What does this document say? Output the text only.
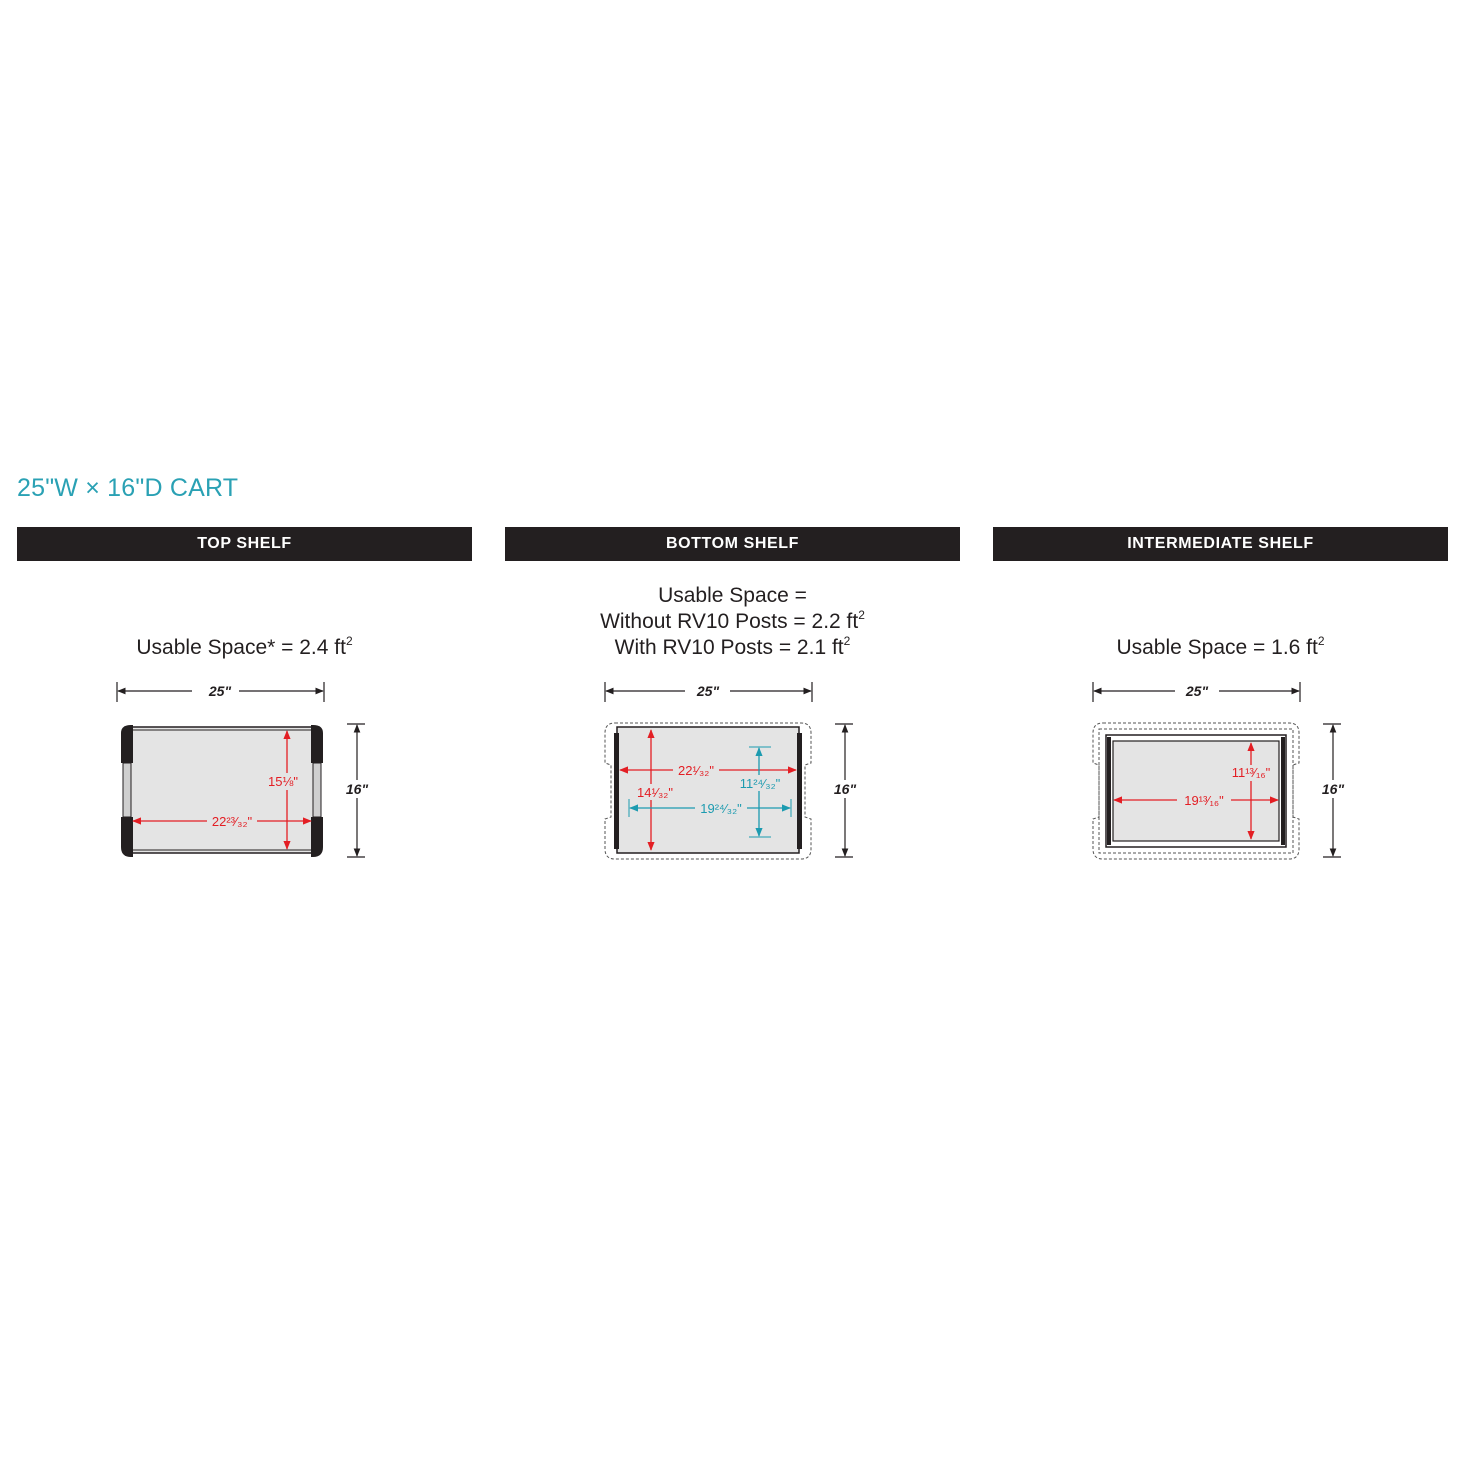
25"W × 16"D CART
TOP SHELF
Usable Space* = 2.4 $ft^2$
25"
16"
15⅛"
22²³⁄₃₂"
BOTTOM SHELF
Usable Space =
Without RV10 Posts = 2.2 $ft^2$
With RV10 Posts = 2.1 $ft^2$
25"
16"
22¹⁄₃₂"
14¹⁄₃₂"
11²⁴⁄₃₂"
19²⁴⁄₃₂"
INTERMEDIATE SHELF
Usable Space = 1.6 $ft^2$
25"
16"
11¹³⁄₁₆"
19¹³⁄₁₆"
